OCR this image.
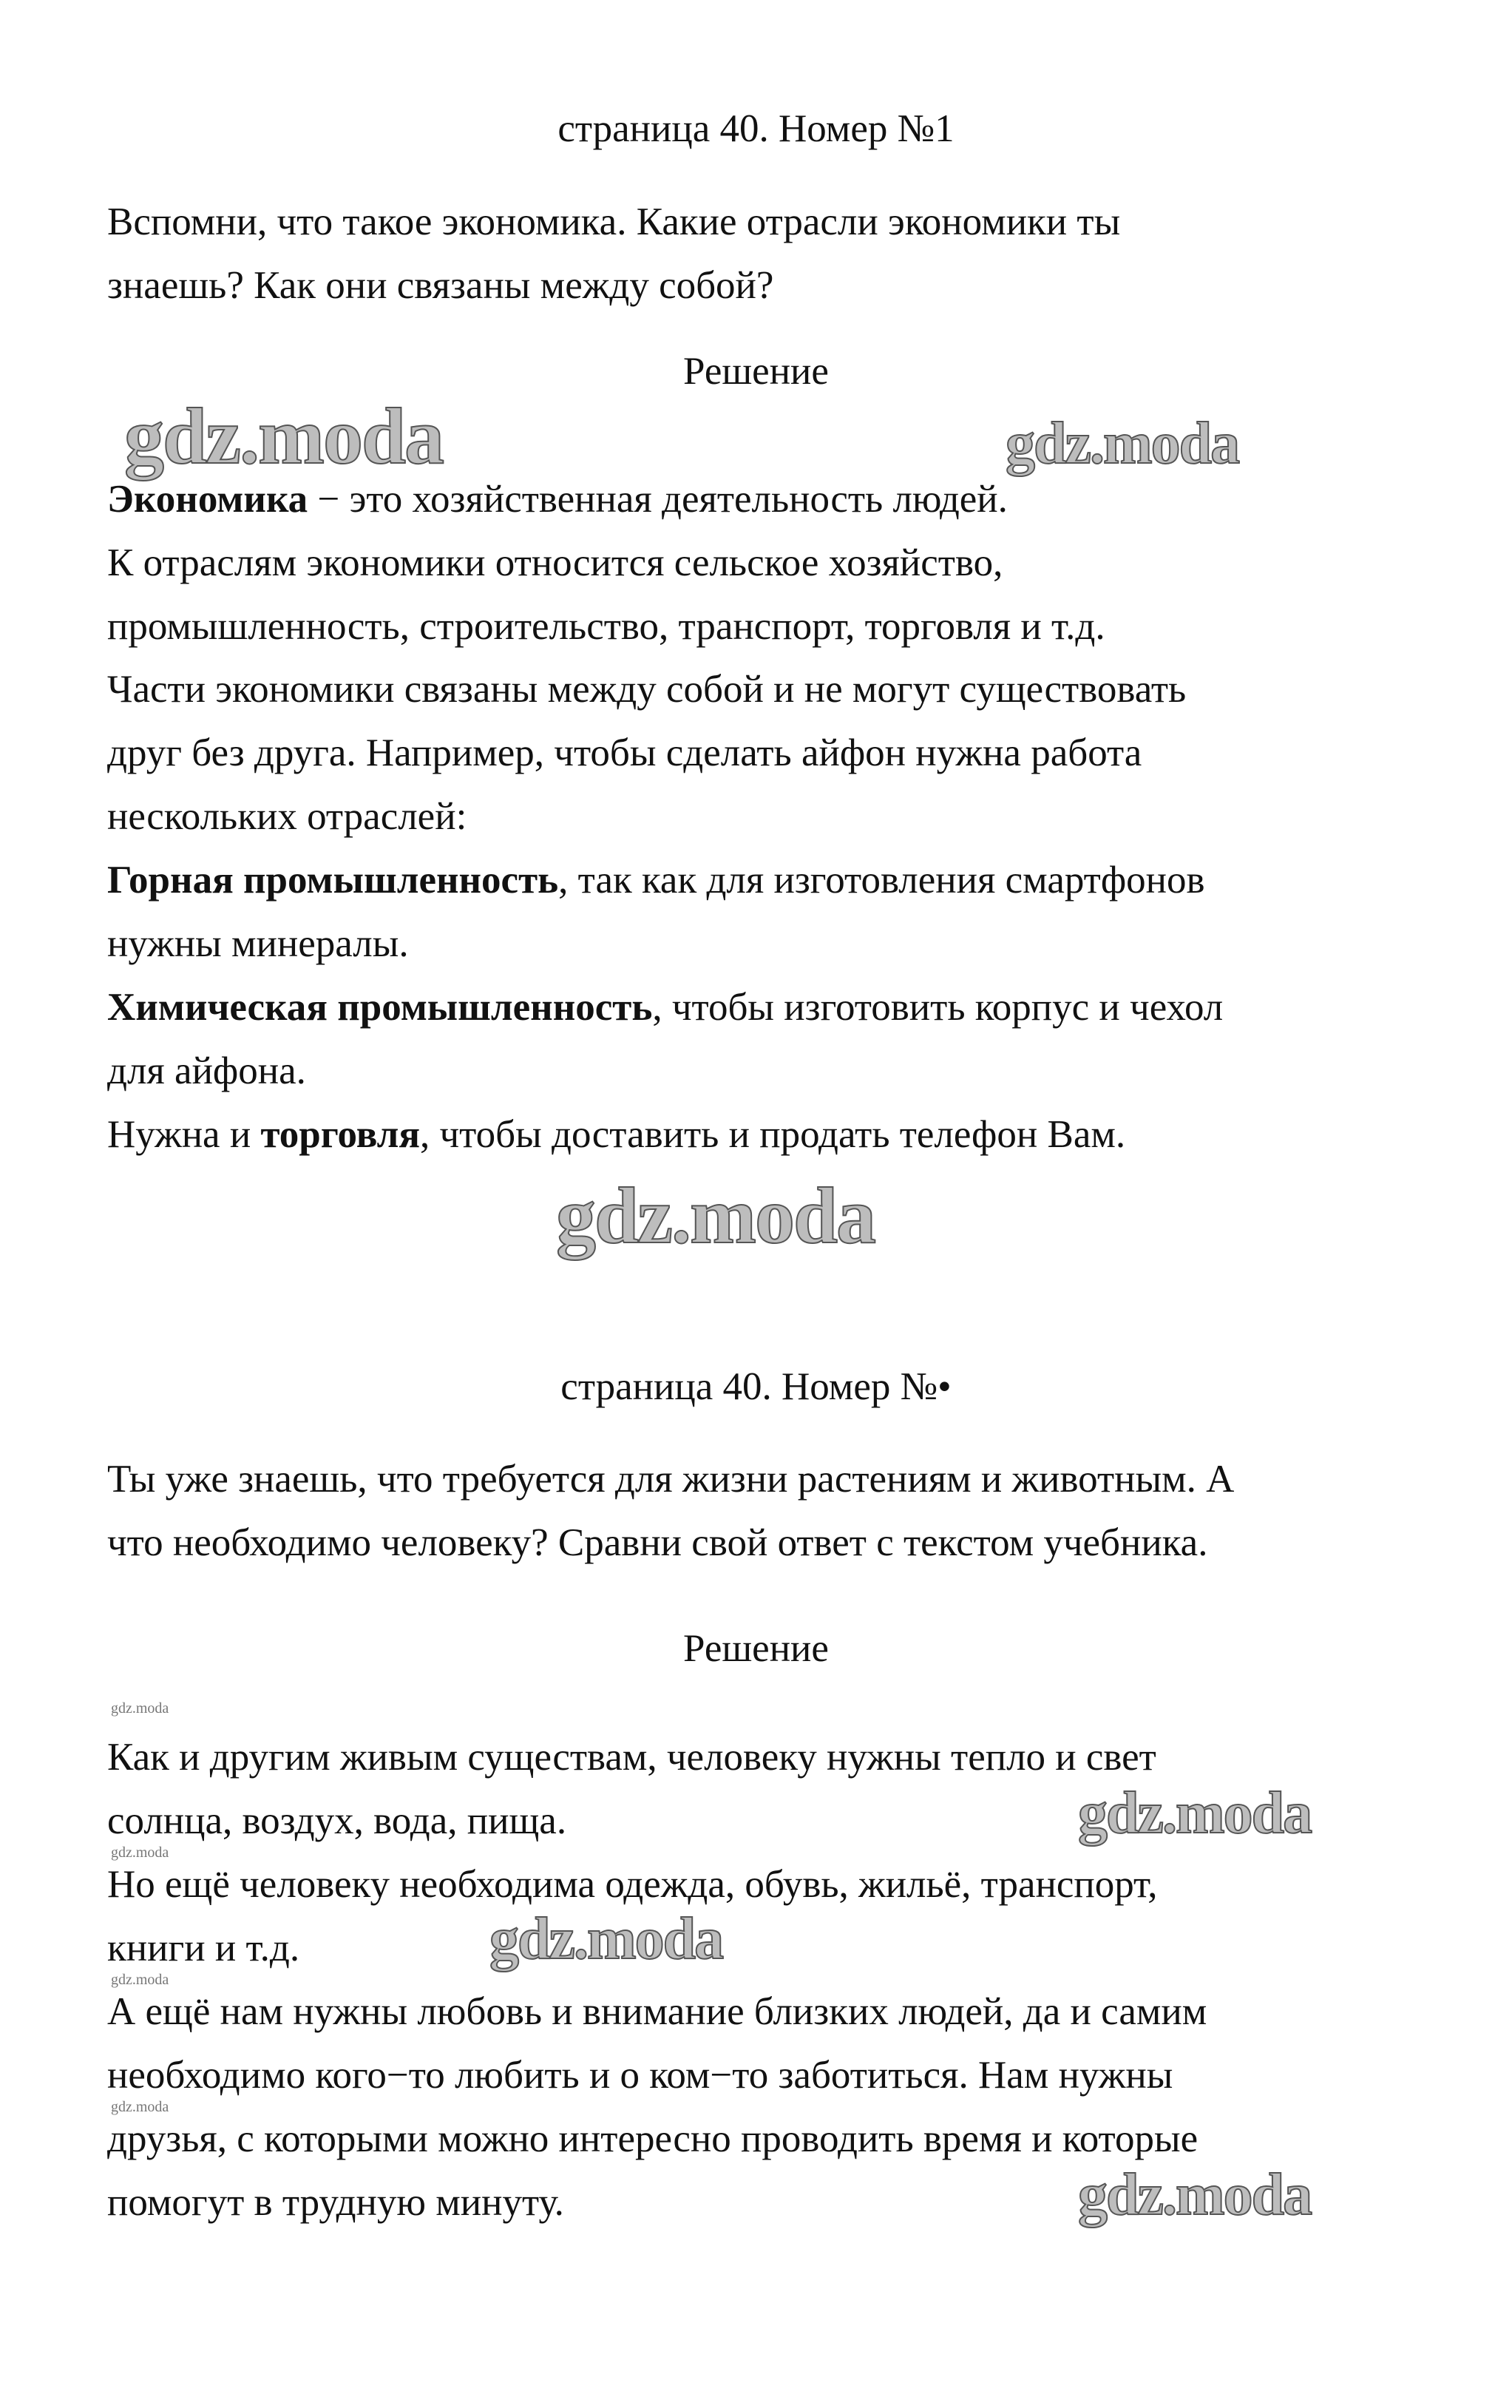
страница 40. Номер №1
Вспомни, что такое экономика. Какие отрасли экономики ты
знаешь? Как они связаны между собой?
Решение
gdz.moda	gdz.moda
Экономика − это хозяйственная деятельность людей.
К отраслям экономики относится сельское хозяйство,
промышленность, строительство, транспорт, торговля и т.д.
Части экономики связаны между собой и не могут существовать
друг без друга. Например, чтобы сделать айфон нужна работа
нескольких отраслей:
Горная промышленность, так как для изготовления смартфонов
нужны минералы.
Химическая промышленность, чтобы изготовить корпус и чехол
для айфона.
Нужна и торговля, чтобы доставить и продать телефон Вам.
gdz.moda
страница 40. Номер №•
Ты уже знаешь, что требуется для жизни растениям и животным. А
что необходимо человеку? Сравни свой ответ с текстом учебника.
Решение
gdz.moda
Как и другим живым существам, человеку нужны тепло и свет
gdz.moda
солнца, воздух, вода, пища.
gdz.moda
Но ещё человеку необходима одежда, обувь, жильё, транспорт,
gdz.moda
книги и т.д.
gdz.moda
А ещё нам нужны любовь и внимание близких людей, да и самим
необходимо кого−то любить и о ком−то заботиться. Нам нужны
gdz.moda
друзья, с которыми можно интересно проводить время и которые
помогут в трудную минуту.	gdz.moda
